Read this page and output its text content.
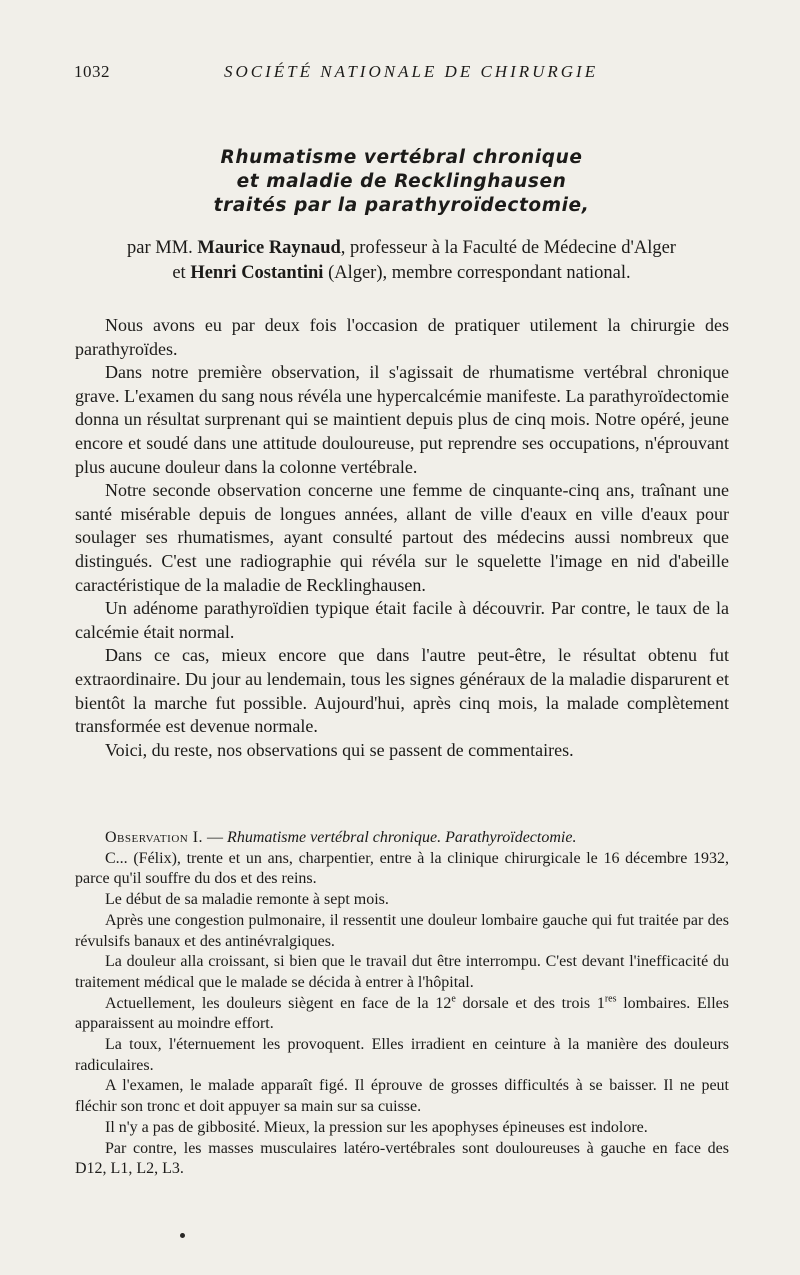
1032	SOCIÉTÉ NATIONALE DE CHIRURGIE
Rhumatisme vertébral chronique
et maladie de Recklinghausen
traités par la parathyroïdectomie,
par MM. Maurice Raynaud, professeur à la Faculté de Médecine d'Alger
et Henri Costantini (Alger), membre correspondant national.

Nous avons eu par deux fois l'occasion de pratiquer utilement la chirurgie des parathyroïdes.

Dans notre première observation, il s'agissait de rhumatisme vertébral chronique grave. L'examen du sang nous révéla une hypercalcémie manifeste. La parathyroïdectomie donna un résultat surprenant qui se maintient depuis plus de cinq mois. Notre opéré, jeune encore et soudé dans une attitude douloureuse, put reprendre ses occupations, n'éprouvant plus aucune douleur dans la colonne vertébrale.

Notre seconde observation concerne une femme de cinquante-cinq ans, traînant une santé misérable depuis de longues années, allant de ville d'eaux en ville d'eaux pour soulager ses rhumatismes, ayant consulté partout des médecins aussi nombreux que distingués. C'est une radiographie qui révéla sur le squelette l'image en nid d'abeille caractéristique de la maladie de Recklinghausen.

Un adénome parathyroïdien typique était facile à découvrir. Par contre, le taux de la calcémie était normal.

Dans ce cas, mieux encore que dans l'autre peut-être, le résultat obtenu fut extraordinaire. Du jour au lendemain, tous les signes généraux de la maladie disparurent et bientôt la marche fut possible. Aujourd'hui, après cinq mois, la malade complètement transformée est devenue normale.

Voici, du reste, nos observations qui se passent de commentaires.

Observation I. — Rhumatisme vertébral chronique. Parathyroïdectomie.

C... (Félix), trente et un ans, charpentier, entre à la clinique chirurgicale le 16 décembre 1932, parce qu'il souffre du dos et des reins.

Le début de sa maladie remonte à sept mois.

Après une congestion pulmonaire, il ressentit une douleur lombaire gauche qui fut traitée par des révulsifs banaux et des antinévralgiques.

La douleur alla croissant, si bien que le travail dut être interrompu. C'est devant l'inefficacité du traitement médical que le malade se décida à entrer à l'hôpital.

Actuellement, les douleurs siègent en face de la 12e dorsale et des trois 1res lombaires. Elles apparaissent au moindre effort.

La toux, l'éternuement les provoquent. Elles irradient en ceinture à la manière des douleurs radiculaires.

A l'examen, le malade apparaît figé. Il éprouve de grosses difficultés à se baisser. Il ne peut fléchir son tronc et doit appuyer sa main sur sa cuisse.

Il n'y a pas de gibbosité. Mieux, la pression sur les apophyses épineuses est indolore.

Par contre, les masses musculaires latéro-vertébrales sont douloureuses à gauche en face des D12, L1, L2, L3.
